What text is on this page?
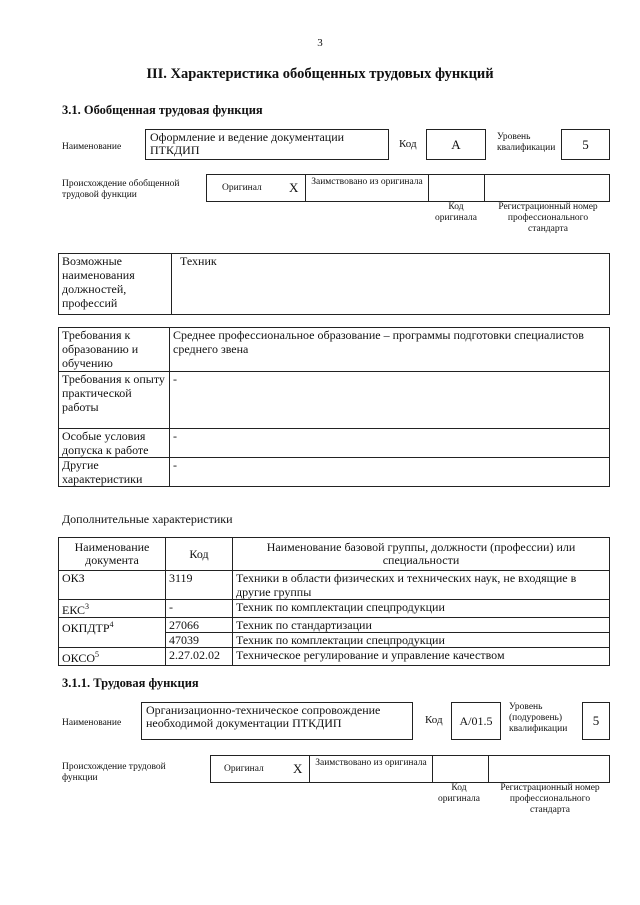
3
III. Характеристика обобщенных трудовых функций
3.1. Обобщенная трудовая функция
Наименование
Оформление и ведение документации ПТКДИП	Код	А	Уровень квалификации	5
Происхождение обобщенной трудовой функции
Оригинал X Заимствовано из оригинала
Код оригинала
Регистрационный номер профессионального стандарта
Возможные наименования должностей, профессий	Техник
Требования к образованию и обучению	Среднее профессиональное образование – программы подготовки специалистов среднего звена
Требования к опыту практической работы	-
Особые условия допуска к работе	-
Другие характеристики	-
Дополнительные характеристики
Наименование документа	Код	Наименование базовой группы, должности (профессии) или специальности
ОКЗ	3119	Техники в области физических и технических наук, не входящие в другие группы
ЕКС$^3$	-	Техник по комплектации спецпродукции
ОКПДТР$^4$	27066	Техник по стандартизации
	47039	Техник по комплектации спецпродукции
ОКСО$^5$	2.27.02.02	Техническое регулирование и управление качеством
3.1.1. Трудовая функция
Наименование
Организационно-техническое сопровождение необходимой документации ПТКДИП	Код	A/01.5
Уровень (подуровень) квалификации
5
Происхождение трудовой функции
Оригинал X Заимствовано из оригинала
Код оригинала
Регистрационный номер профессионального стандарта
